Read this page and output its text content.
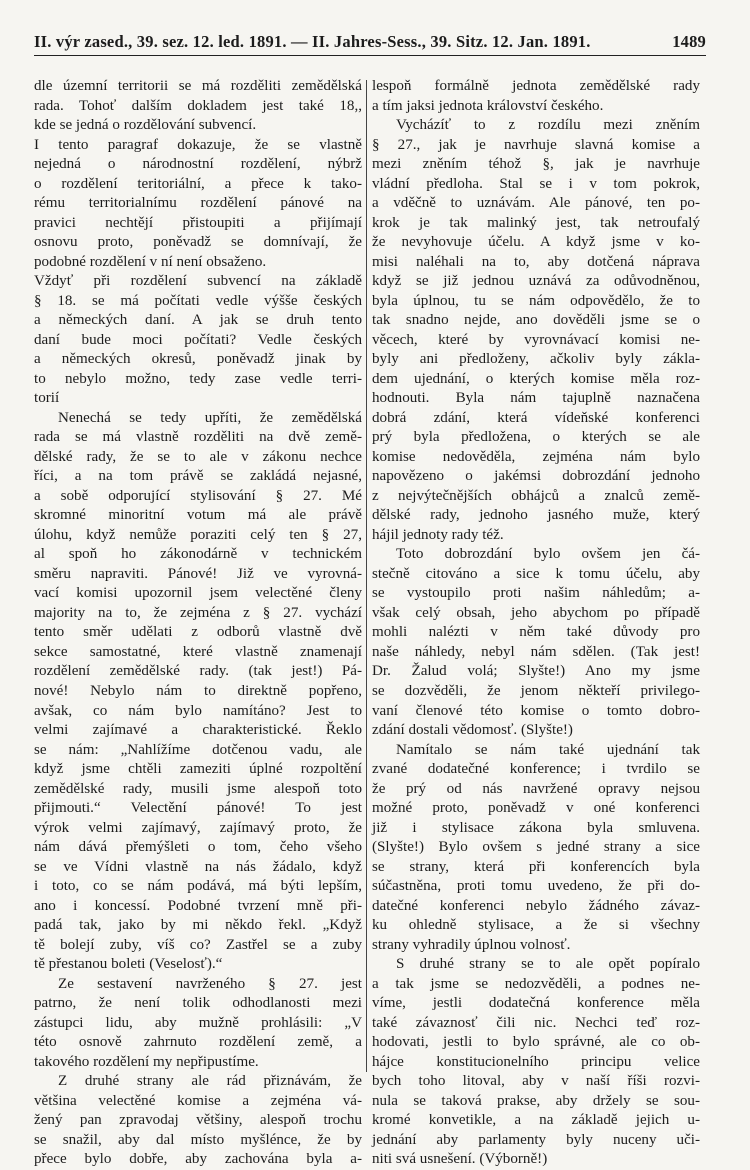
II. výr zased., 39. sez. 12. led. 1891. — II. Jahres-Sess., 39. Sitz. 12. Jan. 1891.	1489
dle územní territorii se má rozděliti zemědělská
rada. Tohoť dalším dokladem jest také 18,,
kde se jedná o rozdělování subvencí.
I tento paragraf dokazuje, že se vlastně
nejedná o národnostní rozdělení, nýbrž
o rozdělení teritoriální, a přece k tako-
rému territorialnímu rozdělení pánové na
pravici nechtějí přistoupiti a přijímají
osnovu proto, poněvadž se domnívají, že
podobné rozdělení v ní není obsaženo.
Vždyť při rozdělení subvencí na základě
§ 18. se má počítati vedle výšše českých
a německých daní. A jak se druh tento
daní bude moci počítati? Vedle českých
a německých okresů, poněvadž jinak by
to nebylo možno, tedy zase vedle terri-
torií
Nenechá se tedy upříti, že zemědělská
rada se má vlastně rozděliti na dvě země-
dělské rady, že se to ale v zákonu nechce
říci, a na tom právě se zakládá nejasné,
a sobě odporující stylisování § 27. Mé
skromné minoritní votum má ale právě
úlohu, když nemůže poraziti celý ten § 27,
al spoň ho zákonodárně v technickém
směru napraviti. Pánové! Již ve vyrovná-
vací komisi upozornil jsem velectěné členy
majority na to, že zejména z § 27. vychází
tento směr udělati z odborů vlastně dvě
sekce samostatné, které vlastně znamenají
rozdělení zemědělské rady. (tak jest!) Pá-
nové! Nebylo nám to direktně popřeno,
avšak, co nám bylo namítáno? Jest to
velmi zajímavé a charakteristické. Řeklo
se nám: „Nahlížíme dotčenou vadu, ale
když jsme chtěli zameziti úplné rozpoltění
zemědělské rady, musili jsme alespoň toto
přijmouti.“ Velectění pánové! To jest
výrok velmi zajímavý, zajímavý proto, že
nám dává přemýšleti o tom, čeho všeho
se ve Vídni vlastně na nás žádalo, když
i toto, co se nám podává, má býti lepším,
ano i koncessí. Podobné tvrzení mně při-
padá tak, jako by mi někdo řekl. „Když
tě bolejí zuby, víš co? Zastřel se a zuby
tě přestanou boleti (Veselosť).“
Ze sestavení navrženého § 27. jest
patrno, že není tolik odhodlanosti mezi
zástupci lidu, aby mužně prohlásili: „V
této osnově zahrnuto rozdělení země, a
takového rozdělení my nepřipustíme.
Z druhé strany ale rád přiznávám, že
většina velectěné komise a zejména vá-
žený pan zpravodaj většiny, alespoň trochu
se snažil, aby dal místo myšlénce, že by
přece bylo dobře, aby zachována byla a-
lespoň formálně jednota zemědělské rady
a tím jaksi jednota království českého.
Vycházíť to z rozdílu mezi zněním
§ 27., jak je navrhuje slavná komise a
mezi zněním téhož §, jak je navrhuje
vládní předloha. Stal se i v tom pokrok,
a vděčně to uznávám. Ale pánové, ten po-
krok je tak malinký jest, tak netroufalý
že nevyhovuje účelu. A když jsme v ko-
misi naléhali na to, aby dotčená náprava
když se již jednou uznává za odůvodněnou,
byla úplnou, tu se nám odpovědělo, že to
tak snadno nejde, ano dověděli jsme se o
věcech, které by vyrovnávací komisi ne-
byly ani předloženy, ačkoliv byly zákla-
dem ujednání, o kterých komise měla roz-
hodnouti. Byla nám tajuplně naznačena
dobrá zdání, která vídeňské konferenci
prý byla předložena, o kterých se ale
komise nedověděla, zejména nám bylo
napovězeno o jakémsi dobrozdání jednoho
z nejvýtečnějších obhájců a znalců země-
dělské rady, jednoho jasného muže, který
hájil jednoty rady též.
Toto dobrozdání bylo ovšem jen čá-
stečně citováno a sice k tomu účelu, aby
se vystoupilo proti našim náhledům; a-
však celý obsah, jeho abychom po případě
mohli nalézti v něm také důvody pro
naše náhledy, nebyl nám sdělen. (Tak jest!
Dr. Žalud volá; Slyšte!) Ano my jsme
se dozvěděli, že jenom někteří privilego-
vaní členové této komise o tomto dobro-
zdání dostali vědomosť. (Slyšte!)
Namítalo se nám také ujednání tak
zvané dodatečné konference; i tvrdilo se
že prý od nás navržené opravy nejsou
možné proto, poněvadž v oné konferenci
již i stylisace zákona byla smluvena.
(Slyšte!) Bylo ovšem s jedné strany a sice
se strany, která při konferencích byla
súčastněna, proti tomu uvedeno, že při do-
datečné konferenci nebylo žádného závaz-
ku ohledně stylisace, a že si všechny
strany vyhradily úplnou volnosť.
S druhé strany se to ale opět popíralo
a tak jsme se nedozvěděli, a podnes ne-
víme, jestli dodatečná konference měla
také závaznosť čili nic. Nechci teď roz-
hodovati, jestli to bylo správné, ale co ob-
hájce konstitucionelního principu velice
bych toho litoval, aby v naší říši rozvi-
nula se taková prakse, aby držely se sou-
kromé konvetikle, a na základě jejich u-
jednání aby parlamenty byly nuceny uči-
niti svá usnešení. (Výborně!)
